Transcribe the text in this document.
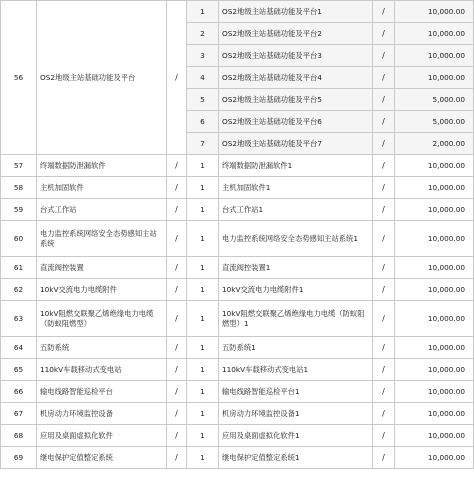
56	OS2地级主站基础功能及平台	/	1	OS2地级主站基础功能及平台1	/	10,000.00
			2	OS2地级主站基础功能及平台2	/	10,000.00
			3	OS2地级主站基础功能及平台3	/	10,000.00
			4	OS2地级主站基础功能及平台4	/	10,000.00
			5	OS2地级主站基础功能及平台5	/	5,000.00
			6	OS2地级主站基础功能及平台6	/	5,000.00
			7	OS2地级主站基础功能及平台7	/	2,000.00
57	终端数据防泄漏软件	/	1	终端数据防泄漏软件1	/	10,000.00
58	主机加固软件	/	1	主机加固软件1	/	10,000.00
59	台式工作站	/	1	台式工作站1	/	10,000.00
60	电力监控系统网络安全态势感知主站系统	/	1	电力监控系统网络安全态势感知主站系统1	/	10,000.00
61	直流阀控装置	/	1	直流阀控装置1	/	10,000.00
62	10kV交流电力电缆附件	/	1	10kV交流电力电缆附件1	/	10,000.00
63	10kV阻燃交联聚乙烯绝缘电力电缆（防蚁阻燃型）	/	1	10kV阻燃交联聚乙烯绝缘电力电缆（防蚁阻燃型）1	/	10,000.00
64	五防系统	/	1	五防系统1	/	10,000.00
65	110kV车载移动式变电站	/	1	110kV车载移动式变电站1	/	10,000.00
66	输电线路智能巡检平台	/	1	输电线路智能巡检平台1	/	10,000.00
67	机房动力环境监控设备	/	1	机房动力环境监控设备1	/	10,000.00
68	应用及桌面虚拟化软件	/	1	应用及桌面虚拟化软件1	/	10,000.00
69	继电保护定值整定系统	/	1	继电保护定值整定系统1	/	10,000.00
